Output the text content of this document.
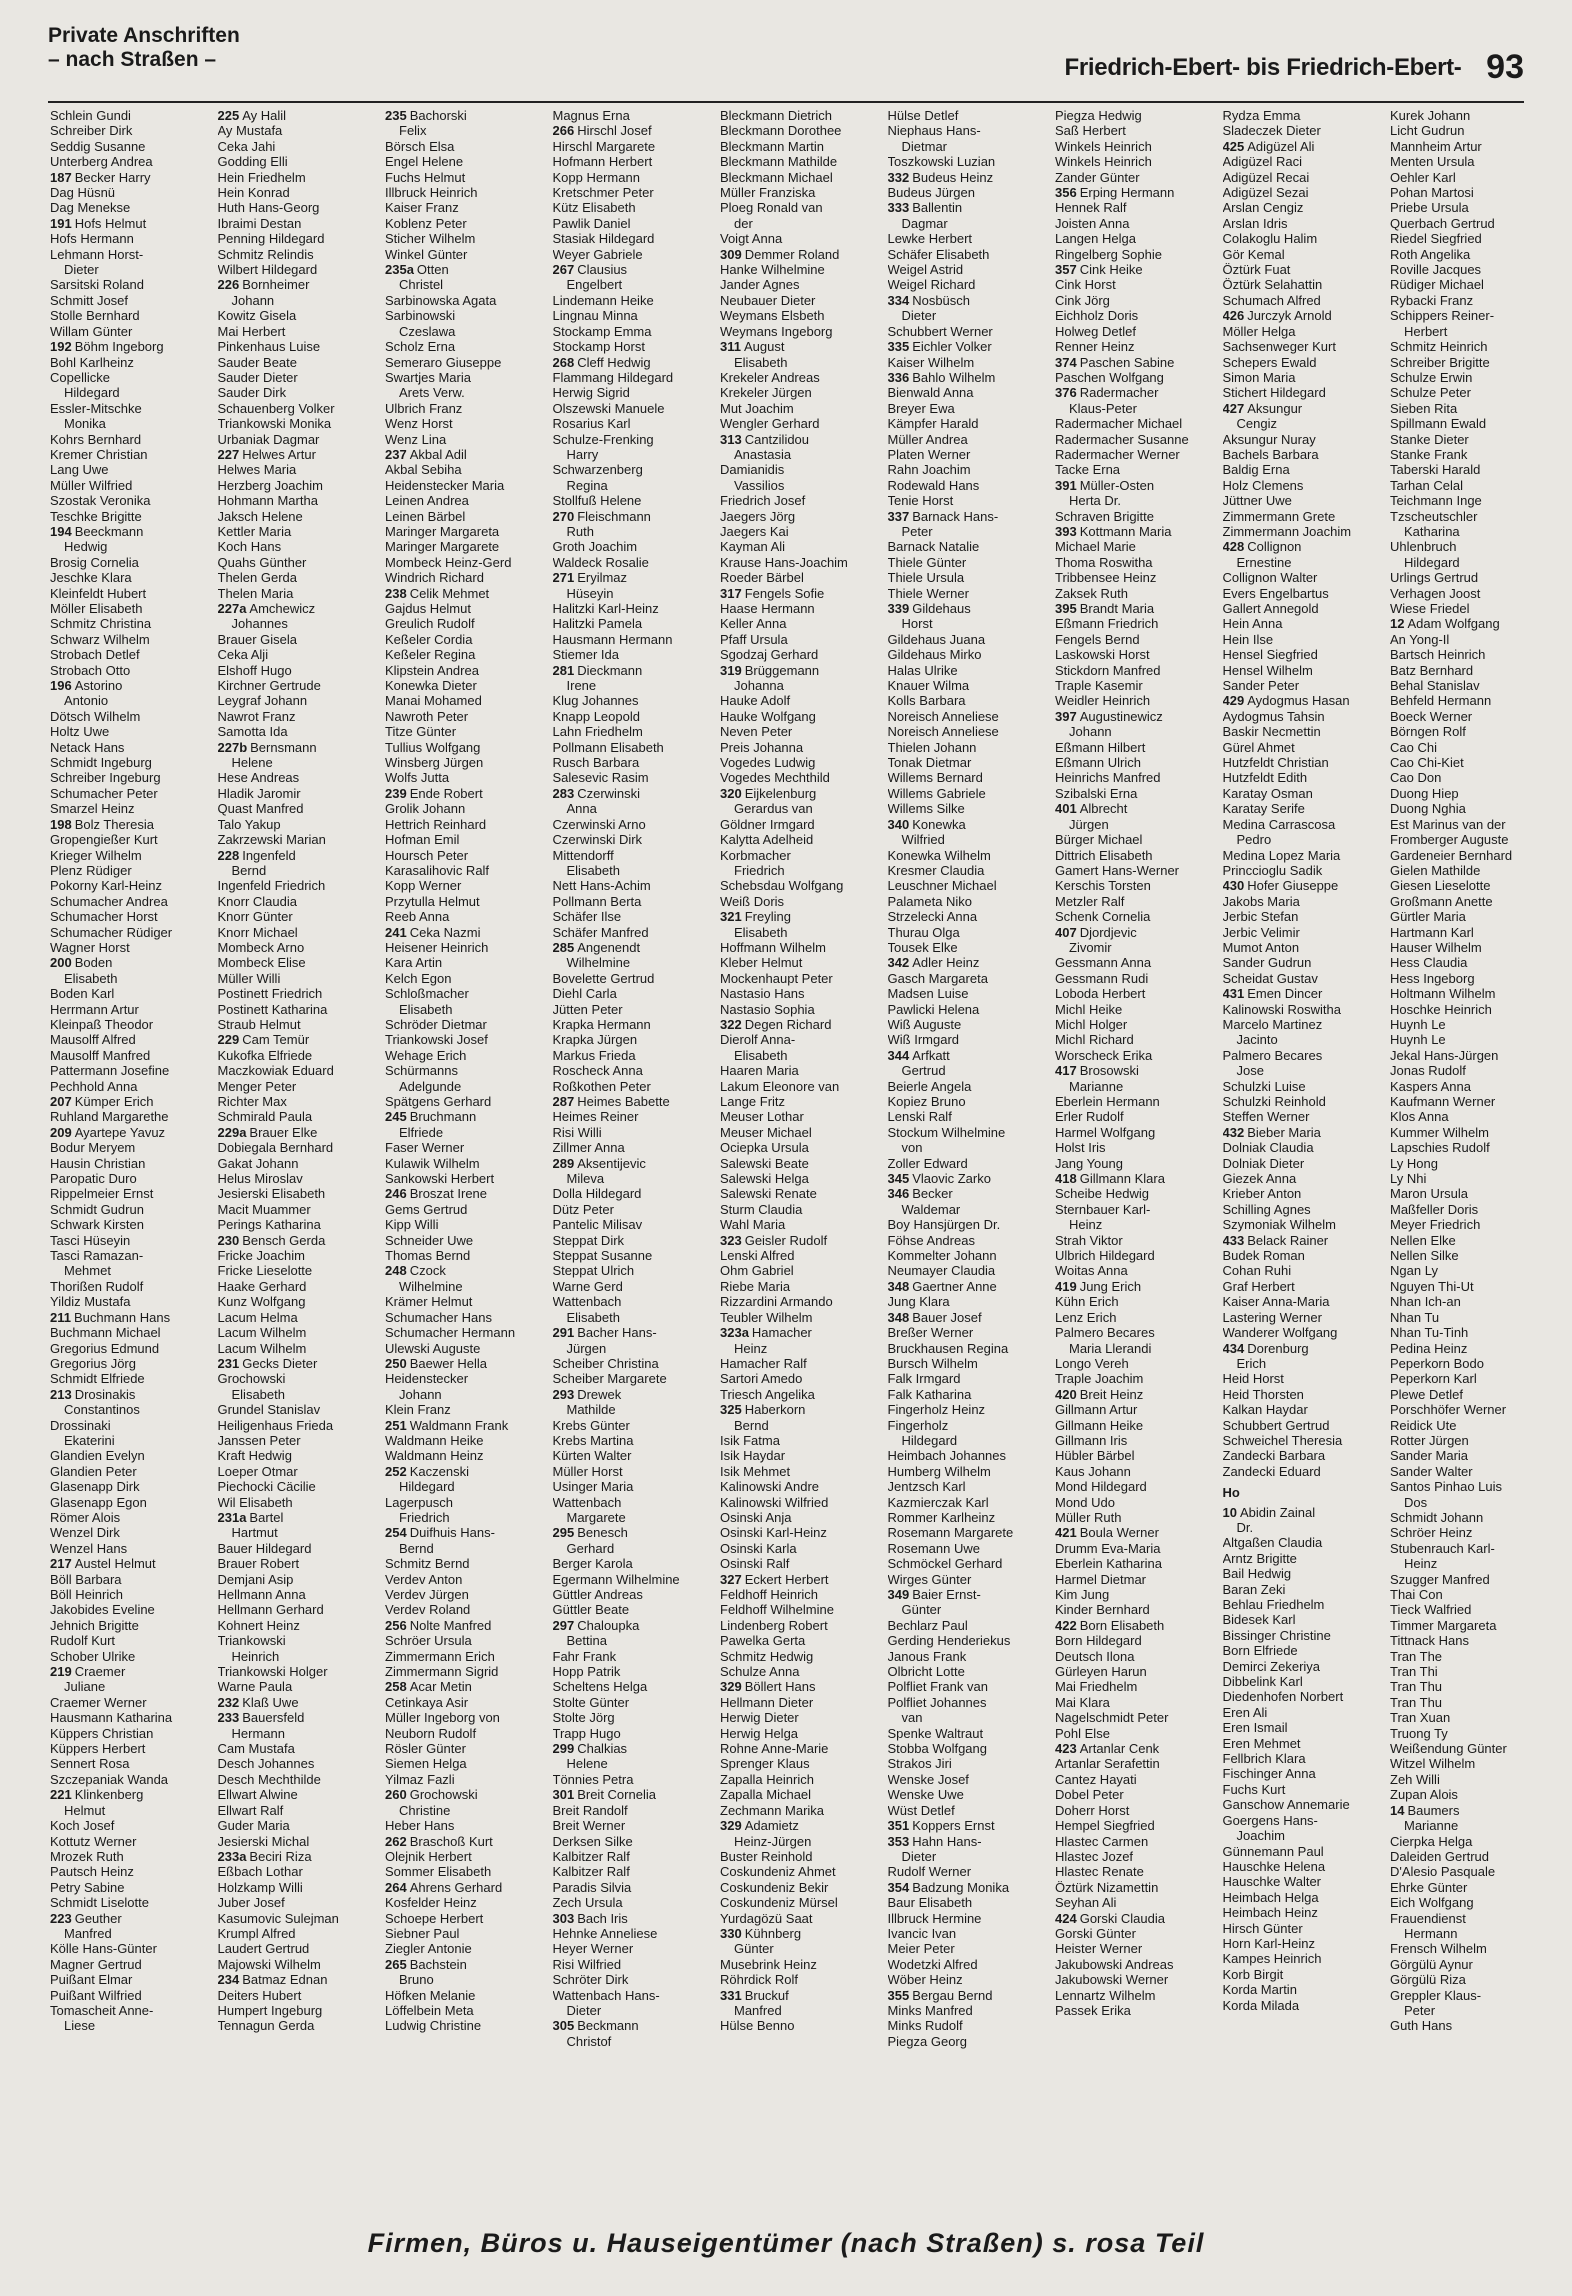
Private Anschriften
– nach Straßen –	Friedrich-Ebert- bis Friedrich-Ebert- 93
Schlein Gundi
Schreiber Dirk
Seddig Susanne
Unterberg Andrea
187 Becker Harry
Dag Hüsnü
Dag Menekse
191 Hofs Helmut
Hofs Hermann
Lehmann Horst-
Dieter
Sarsitski Roland
Schmitt Josef
Stolle Bernhard
Willam Günter
192 Böhm Ingeborg
Bohl Karlheinz
Copellicke
Hildegard
Essler-Mitschke
Monika
Kohrs Bernhard
Kremer Christian
Lang Uwe
Müller Wilfried
Szostak Veronika
Teschke Brigitte
194 Beeckmann
Hedwig
Brosig Cornelia
Jeschke Klara
Kleinfeldt Hubert
Möller Elisabeth
Schmitz Christina
Schwarz Wilhelm
Strobach Detlef
Strobach Otto
196 Astorino
Antonio
Dötsch Wilhelm
Holtz Uwe
Netack Hans
Schmidt Ingeburg
Schreiber Ingeburg
Schumacher Peter
Smarzel Heinz
198 Bolz Theresia
Gropengießer Kurt
Krieger Wilhelm
Plenz Rüdiger
Pokorny Karl-Heinz
Schumacher Andrea
Schumacher Horst
Schumacher Rüdiger
Wagner Horst
200 Boden
Elisabeth
Boden Karl
Herrmann Artur
Kleinpaß Theodor
Mausolff Alfred
Mausolff Manfred
Pattermann Josefine
Pechhold Anna
207 Kümper Erich
Ruhland Margarethe
209 Ayartepe Yavuz
Bodur Meryem
Hausin Christian
Paropatic Duro
Rippelmeier Ernst
Schmidt Gudrun
Schwark Kirsten
Tasci Hüseyin
Tasci Ramazan-
Mehmet
Thorißen Rudolf
Yildiz Mustafa
211 Buchmann Hans
Buchmann Michael
Gregorius Edmund
Gregorius Jörg
Schmidt Elfriede
213 Drosinakis
Constantinos
Drossinaki
Ekaterini
Glandien Evelyn
Glandien Peter
Glasenapp Dirk
Glasenapp Egon
Römer Alois
Wenzel Dirk
Wenzel Hans
217 Austel Helmut
Böll Barbara
Böll Heinrich
Jakobides Eveline
Jehnich Brigitte
Rudolf Kurt
Schober Ulrike
219 Craemer
Juliane
Craemer Werner
Hausmann Katharina
Küppers Christian
Küppers Herbert
Sennert Rosa
Szczepaniak Wanda
221 Klinkenberg
Helmut
Koch Josef
Kottutz Werner
Mrozek Ruth
Pautsch Heinz
Petry Sabine
Schmidt Liselotte
223 Geuther
Manfred
Kölle Hans-Günter
Magner Gertrud
Puißant Elmar
Puißant Wilfried
Tomascheit Anne-
Liese
225 Ay Halil
Ay Mustafa
Ceka Jahi
Godding Elli
Hein Friedhelm
Hein Konrad
Huth Hans-Georg
Ibraimi Destan
Penning Hildegard
Schmitz Relindis
Wilbert Hildegard
226 Bornheimer
Johann
Kowitz Gisela
Mai Herbert
Pinkenhaus Luise
Sauder Beate
Sauder Dieter
Sauder Dirk
Schauenberg Volker
Triankowski Monika
Urbaniak Dagmar
227 Helwes Artur
Helwes Maria
Herzberg Joachim
Hohmann Martha
Jaksch Helene
Kettler Maria
Koch Hans
Quahs Günther
Thelen Gerda
Thelen Maria
227a Amchewicz
Johannes
Brauer Gisela
Ceka Alji
Elshoff Hugo
Kirchner Gertrude
Leygraf Johann
Nawrot Franz
Samotta Ida
227b Bernsmann
Helene
Hese Andreas
Hladik Jaromir
Quast Manfred
Talo Yakup
Zakrzewski Marian
228 Ingenfeld
Bernd
Ingenfeld Friedrich
Knorr Claudia
Knorr Günter
Knorr Michael
Mombeck Arno
Mombeck Elise
Müller Willi
Postinett Friedrich
Postinett Katharina
Straub Helmut
229 Cam Temür
Kukofka Elfriede
Maczkowiak Eduard
Menger Peter
Richter Max
Schmirald Paula
229a Brauer Elke
Dobiegala Bernhard
Gakat Johann
Helus Miroslav
Jesierski Elisabeth
Macit Muammer
Perings Katharina
230 Bensch Gerda
Fricke Joachim
Fricke Lieselotte
Haake Gerhard
Kunz Wolfgang
Lacum Helma
Lacum Wilhelm
Lacum Wilhelm
231 Gecks Dieter
Grochowski
Elisabeth
Grundel Stanislav
Heiligenhaus Frieda
Janssen Peter
Kraft Hedwig
Loeper Otmar
Piechocki Cäcilie
Wil Elisabeth
231a Bartel
Hartmut
Bauer Hildegard
Brauer Robert
Demjani Asip
Hellmann Anna
Hellmann Gerhard
Kohnert Heinz
Triankowski
Heinrich
Triankowski Holger
Warne Paula
232 Klaß Uwe
233 Bauersfeld
Hermann
Cam Mustafa
Desch Johannes
Desch Mechthilde
Ellwart Alwine
Ellwart Ralf
Guder Maria
Jesierski Michal
233a Beciri Riza
Eßbach Lothar
Holzkamp Willi
Juber Josef
Kasumovic Sulejman
Krumpl Alfred
Laudert Gertrud
Majowski Wilhelm
234 Batmaz Ednan
Deiters Hubert
Humpert Ingeburg
Tennagun Gerda
235 Bachorski
Felix
Börsch Elsa
Engel Helene
Fuchs Helmut
Illbruck Heinrich
Kaiser Franz
Koblenz Peter
Sticher Wilhelm
Winkel Günter
235a Otten
Christel
Sarbinowska Agata
Sarbinowski
Czeslawa
Scholz Erna
Semeraro Giuseppe
Swartjes Maria
Arets Verw.
Ulbrich Franz
Wenz Horst
Wenz Lina
237 Akbal Adil
Akbal Sebiha
Heidenstecker Maria
Leinen Andrea
Leinen Bärbel
Maringer Margareta
Maringer Margarete
Mombeck Heinz-Gerd
Windrich Richard
238 Celik Mehmet
Gajdus Helmut
Greulich Rudolf
Keßeler Cordia
Keßeler Regina
Klipstein Andrea
Konewka Dieter
Manai Mohamed
Nawroth Peter
Titze Günter
Tullius Wolfgang
Winsberg Jürgen
Wolfs Jutta
239 Ende Robert
Grolik Johann
Hettrich Reinhard
Hofman Emil
Hoursch Peter
Karasalihovic Ralf
Kopp Werner
Przytulla Helmut
Reeb Anna
241 Ceka Nazmi
Heisener Heinrich
Kara Artin
Kelch Egon
Schloßmacher
Elisabeth
Schröder Dietmar
Triankowski Josef
Wehage Erich
Schürmanns
Adelgunde
Spätgens Gerhard
245 Bruchmann
Elfriede
Faser Werner
Kulawik Wilhelm
Sankowski Herbert
246 Broszat Irene
Gems Gertrud
Kipp Willi
Schneider Uwe
Thomas Bernd
248 Czock
Wilhelmine
Krämer Helmut
Schumacher Hans
Schumacher Hermann
Ulewski Auguste
250 Baewer Hella
Heidenstecker
Johann
Klein Franz
251 Waldmann Frank
Waldmann Heike
Waldmann Heinz
252 Kaczenski
Hildegard
Lagerpusch
Friedrich
254 Duifhuis Hans-
Bernd
Schmitz Bernd
Verdev Anton
Verdev Jürgen
Verdev Roland
256 Nolte Manfred
Schröer Ursula
Zimmermann Erich
Zimmermann Sigrid
258 Acar Metin
Cetinkaya Asir
Müller Ingeborg von
Neuborn Rudolf
Rösler Günter
Siemen Helga
Yilmaz Fazli
260 Grochowski
Christine
Heber Hans
262 Braschoß Kurt
Olejnik Herbert
Sommer Elisabeth
264 Ahrens Gerhard
Kosfelder Heinz
Schoepe Herbert
Siebner Paul
Ziegler Antonie
265 Bachstein
Bruno
Höfken Melanie
Löffelbein Meta
Ludwig Christine
Magnus Erna
266 Hirschl Josef
Hirschl Margarete
Hofmann Herbert
Kopp Hermann
Kretschmer Peter
Kütz Elisabeth
Pawlik Daniel
Stasiak Hildegard
Weyer Gabriele
267 Clausius
Engelbert
Lindemann Heike
Lingnau Minna
Stockamp Emma
Stockamp Horst
268 Cleff Hedwig
Flammang Hildegard
Herwig Sigrid
Olszewski Manuele
Rosarius Karl
Schulze-Frenking
Harry
Schwarzenberg
Regina
Stollfuß Helene
270 Fleischmann
Ruth
Groth Joachim
Waldeck Rosalie
271 Eryilmaz
Hüseyin
Halitzki Karl-Heinz
Halitzki Pamela
Hausmann Hermann
Stiemer Ida
281 Dieckmann
Irene
Klug Johannes
Knapp Leopold
Lahn Friedhelm
Pollmann Elisabeth
Rusch Barbara
Salesevic Rasim
283 Czerwinski
Anna
Czerwinski Arno
Czerwinski Dirk
Mittendorff
Elisabeth
Nett Hans-Achim
Pollmann Berta
Schäfer Ilse
Schäfer Manfred
285 Angenendt
Wilhelmine
Bovelette Gertrud
Diehl Carla
Jütten Peter
Krapka Hermann
Krapka Jürgen
Markus Frieda
Roscheck Anna
Roßkothen Peter
287 Heimes Babette
Heimes Reiner
Risi Willi
Zillmer Anna
289 Aksentijevic
Mileva
Dolla Hildegard
Dütz Peter
Pantelic Milisav
Steppat Dirk
Steppat Susanne
Steppat Ulrich
Warne Gerd
Wattenbach
Elisabeth
291 Bacher Hans-
Jürgen
Scheiber Christina
Scheiber Margarete
293 Drewek
Mathilde
Krebs Günter
Krebs Martina
Kürten Walter
Müller Horst
Usinger Maria
Wattenbach
Margarete
295 Benesch
Gerhard
Berger Karola
Egermann Wilhelmine
Güttler Andreas
Güttler Beate
297 Chaloupka
Bettina
Fahr Frank
Hopp Patrik
Scheltens Helga
Stolte Günter
Stolte Jörg
Trapp Hugo
299 Chalkias
Helene
Tönnies Petra
301 Breit Cornelia
Breit Randolf
Breit Werner
Derksen Silke
Kalbitzer Ralf
Kalbitzer Ralf
Paradis Silvia
Zech Ursula
303 Bach Iris
Hehnke Anneliese
Heyer Werner
Risi Wilfried
Schröter Dirk
Wattenbach Hans-
Dieter
305 Beckmann
Christof
Bleckmann Dietrich
Bleckmann Dorothee
Bleckmann Martin
Bleckmann Mathilde
Bleckmann Michael
Müller Franziska
Ploeg Ronald van
der
Voigt Anna
309 Demmer Roland
Hanke Wilhelmine
Jander Agnes
Neubauer Dieter
Weymans Elsbeth
Weymans Ingeborg
311 August
Elisabeth
Krekeler Andreas
Krekeler Jürgen
Mut Joachim
Wengler Gerhard
313 Cantzilidou
Anastasia
Damianidis
Vassilios
Friedrich Josef
Jaegers Jörg
Jaegers Kai
Kayman Ali
Krause Hans-Joachim
Roeder Bärbel
317 Fengels Sofie
Haase Hermann
Keller Anna
Pfaff Ursula
Sgodzaj Gerhard
319 Brüggemann
Johanna
Hauke Adolf
Hauke Wolfgang
Neven Peter
Preis Johanna
Vogedes Ludwig
Vogedes Mechthild
320 Eijkelenburg
Gerardus van
Göldner Irmgard
Kalytta Adelheid
Korbmacher
Friedrich
Schebsdau Wolfgang
Weiß Doris
321 Freyling
Elisabeth
Hoffmann Wilhelm
Kleber Helmut
Mockenhaupt Peter
Nastasio Hans
Nastasio Sophia
322 Degen Richard
Dierolf Anna-
Elisabeth
Haaren Maria
Lakum Eleonore van
Lange Fritz
Meuser Lothar
Meuser Michael
Ociepka Ursula
Salewski Beate
Salewski Helga
Salewski Renate
Sturm Claudia
Wahl Maria
323 Geisler Rudolf
Lenski Alfred
Ohm Gabriel
Riebe Maria
Rizzardini Armando
Teubler Wilhelm
323a Hamacher
Heinz
Hamacher Ralf
Sartori Amedo
Triesch Angelika
325 Haberkorn
Bernd
Isik Fatma
Isik Haydar
Isik Mehmet
Kalinowski Andre
Kalinowski Wilfried
Osinski Anja
Osinski Karl-Heinz
Osinski Karla
Osinski Ralf
327 Eckert Herbert
Feldhoff Heinrich
Feldhoff Wilhelmine
Lindenberg Robert
Pawelka Gerta
Schmitz Hedwig
Schulze Anna
329 Böllert Hans
Hellmann Dieter
Herwig Dieter
Herwig Helga
Rohne Anne-Marie
Sprenger Klaus
Zapalla Heinrich
Zapalla Michael
Zechmann Marika
329 Adamietz
Heinz-Jürgen
Buster Reinhold
Coskundeniz Ahmet
Coskundeniz Bekir
Coskundeniz Mürsel
Yurdagözü Saat
330 Kühnberg
Günter
Musebrink Heinz
Röhrdick Rolf
331 Bruckuf
Manfred
Hülse Benno
Hülse Detlef
Niephaus Hans-
Dietmar
Toszkowski Luzian
332 Budeus Heinz
Budeus Jürgen
333 Ballentin
Dagmar
Lewke Herbert
Schäfer Elisabeth
Weigel Astrid
Weigel Richard
334 Nosbüsch
Dieter
Schubbert Werner
335 Eichler Volker
Kaiser Wilhelm
336 Bahlo Wilhelm
Bienwald Anna
Breyer Ewa
Kämpfer Harald
Müller Andrea
Platen Werner
Rahn Joachim
Rodewald Hans
Tenie Horst
337 Barnack Hans-
Peter
Barnack Natalie
Thiele Günter
Thiele Ursula
Thiele Werner
339 Gildehaus
Horst
Gildehaus Juana
Gildehaus Mirko
Halas Ulrike
Knauer Wilma
Kolls Barbara
Noreisch Anneliese
Noreisch Anneliese
Thielen Johann
Tonak Dietmar
Willems Bernard
Willems Gabriele
Willems Silke
340 Konewka
Wilfried
Konewka Wilhelm
Kresmer Claudia
Leuschner Michael
Palameta Niko
Strzelecki Anna
Thurau Olga
Tousek Elke
342 Adler Heinz
Gasch Margareta
Madsen Luise
Pawlicki Helena
Wiß Auguste
Wiß Irmgard
344 Arfkatt
Gertrud
Beierle Angela
Kopiez Bruno
Lenski Ralf
Stockum Wilhelmine
von
Zoller Edward
345 Vlaovic Zarko
346 Becker
Waldemar
Boy Hansjürgen Dr.
Föhse Andreas
Kommelter Johann
Neumayer Claudia
348 Gaertner Anne
Jung Klara
348 Bauer Josef
Breßer Werner
Bruckhausen Regina
Bursch Wilhelm
Falk Irmgard
Falk Katharina
Fingerholz Heinz
Fingerholz
Hildegard
Heimbach Johannes
Humberg Wilhelm
Jentzsch Karl
Kazmierczak Karl
Rommer Karlheinz
Rosemann Margarete
Rosemann Uwe
Schmöckel Gerhard
Wirges Günter
349 Baier Ernst-
Günter
Bechlarz Paul
Gerding Henderiekus
Janous Frank
Olbricht Lotte
Polfliet Frank van
Polfliet Johannes
van
Spenke Waltraut
Stobba Wolfgang
Strakos Jiri
Wenske Josef
Wenske Uwe
Wüst Detlef
351 Koppers Ernst
353 Hahn Hans-
Dieter
Rudolf Werner
354 Badzung Monika
Baur Elisabeth
Illbruck Hermine
Ivancic Ivan
Meier Peter
Wodetzki Alfred
Wöber Heinz
355 Bergau Bernd
Minks Manfred
Minks Rudolf
Piegza Georg
Piegza Hedwig
Saß Herbert
Winkels Heinrich
Winkels Heinrich
Zander Günter
356 Erping Hermann
Hennek Ralf
Joisten Anna
Langen Helga
Ringelberg Sophie
357 Cink Heike
Cink Horst
Cink Jörg
Eichholz Doris
Holweg Detlef
Renner Heinz
374 Paschen Sabine
Paschen Wolfgang
376 Radermacher
Klaus-Peter
Radermacher Michael
Radermacher Susanne
Radermacher Werner
Tacke Erna
391 Müller-Osten
Herta Dr.
Schraven Brigitte
393 Kottmann Maria
Michael Marie
Thoma Roswitha
Tribbensee Heinz
Zaksek Ruth
395 Brandt Maria
Eßmann Friedrich
Fengels Bernd
Laskowski Horst
Stickdorn Manfred
Traple Kasemir
Weidler Heinrich
397 Augustinewicz
Johann
Eßmann Hilbert
Eßmann Ulrich
Heinrichs Manfred
Szibalski Erna
401 Albrecht
Jürgen
Bürger Michael
Dittrich Elisabeth
Gamert Hans-Werner
Kerschis Torsten
Metzler Ralf
Schenk Cornelia
407 Djordjevic
Zivomir
Gessmann Anna
Gessmann Rudi
Loboda Herbert
Michl Heike
Michl Holger
Michl Richard
Worscheck Erika
417 Brosowski
Marianne
Eberlein Hermann
Erler Rudolf
Harmel Wolfgang
Holst Iris
Jang Young
418 Gillmann Klara
Scheibe Hedwig
Sternbauer Karl-
Heinz
Strah Viktor
Ulbrich Hildegard
Woitas Anna
419 Jung Erich
Kühn Erich
Lenz Erich
Palmero Becares
Maria Llerandi
Longo Vereh
Traple Joachim
420 Breit Heinz
Gillmann Artur
Gillmann Heike
Gillmann Iris
Hübler Bärbel
Kaus Johann
Mond Hildegard
Mond Udo
Müller Ruth
421 Boula Werner
Drumm Eva-Maria
Eberlein Katharina
Harmel Dietmar
Kim Jung
Kinder Bernhard
422 Born Elisabeth
Born Hildegard
Deutsch Ilona
Gürleyen Harun
Mai Friedhelm
Mai Klara
Nagelschmidt Peter
Pohl Else
423 Artanlar Cenk
Artanlar Serafettin
Cantez Hayati
Dobel Peter
Doherr Horst
Hempel Siegfried
Hlastec Carmen
Hlastec Jozef
Hlastec Renate
Öztürk Nizamettin
Seyhan Ali
424 Gorski Claudia
Gorski Günter
Heister Werner
Jakubowski Andreas
Jakubowski Werner
Lennartz Wilhelm
Passek Erika
Rydza Emma
Sladeczek Dieter
425 Adigüzel Ali
Adigüzel Raci
Adigüzel Recai
Adigüzel Sezai
Arslan Cengiz
Arslan Idris
Colakoglu Halim
Gör Kemal
Öztürk Fuat
Öztürk Selahattin
Schumach Alfred
426 Jurczyk Arnold
Möller Helga
Sachsenweger Kurt
Schepers Ewald
Simon Maria
Stichert Hildegard
427 Aksungur
Cengiz
Aksungur Nuray
Bachels Barbara
Baldig Erna
Holz Clemens
Jüttner Uwe
Zimmermann Grete
Zimmermann Joachim
428 Collignon
Ernestine
Collignon Walter
Evers Engelbartus
Gallert Annegold
Hein Anna
Hein Ilse
Hensel Siegfried
Hensel Wilhelm
Sander Peter
429 Aydogmus Hasan
Aydogmus Tahsin
Baskir Necmettin
Gürel Ahmet
Hutzfeldt Christian
Hutzfeldt Edith
Karatay Osman
Karatay Serife
Medina Carrascosa
Pedro
Medina Lopez Maria
Princcioglu Sadik
430 Hofer Giuseppe
Jakobs Maria
Jerbic Stefan
Jerbic Velimir
Mumot Anton
Sander Gudrun
Scheidat Gustav
431 Emen Dincer
Kalinowski Roswitha
Marcelo Martinez
Jacinto
Palmero Becares
Jose
Schulzki Luise
Schulzki Reinhold
Steffen Werner
432 Bieber Maria
Dolniak Claudia
Dolniak Dieter
Giezek Anna
Krieber Anton
Schilling Agnes
Szymoniak Wilhelm
433 Belack Rainer
Budek Roman
Cohan Ruhi
Graf Herbert
Kaiser Anna-Maria
Lastering Werner
Wanderer Wolfgang
434 Dorenburg
Erich
Heid Horst
Heid Thorsten
Kalkan Haydar
Schubbert Gertrud
Schweichel Theresia
Zandecki Barbara
Zandecki Eduard
Ho
10 Abidin Zainal
Dr.
Altgaßen Claudia
Arntz Brigitte
Bail Hedwig
Baran Zeki
Behlau Friedhelm
Bidesek Karl
Bissinger Christine
Born Elfriede
Demirci Zekeriya
Dibbelink Karl
Diedenhofen Norbert
Eren Ali
Eren Ismail
Eren Mehmet
Fellbrich Klara
Fischinger Anna
Fuchs Kurt
Ganschow Annemarie
Goergens Hans-
Joachim
Günnemann Paul
Hauschke Helena
Hauschke Walter
Heimbach Helga
Heimbach Heinz
Hirsch Günter
Horn Karl-Heinz
Kampes Heinrich
Korb Birgit
Korda Martin
Korda Milada
Kurek Johann
Licht Gudrun
Mannheim Artur
Menten Ursula
Oehler Karl
Pohan Martosi
Priebe Ursula
Querbach Gertrud
Riedel Siegfried
Roth Angelika
Roville Jacques
Rüdiger Michael
Rybacki Franz
Schippers Reiner-
Herbert
Schmitz Heinrich
Schreiber Brigitte
Schulze Erwin
Schulze Peter
Sieben Rita
Spillmann Ewald
Stanke Dieter
Stanke Frank
Taberski Harald
Tarhan Celal
Teichmann Inge
Tzscheutschler
Katharina
Uhlenbruch
Hildegard
Urlings Gertrud
Verhagen Joost
Wiese Friedel
12 Adam Wolfgang
An Yong-Il
Bartsch Heinrich
Batz Bernhard
Behal Stanislav
Behfeld Hermann
Boeck Werner
Börngen Rolf
Cao Chi
Cao Chi-Kiet
Cao Don
Duong Hiep
Duong Nghia
Est Marinus van der
Fromberger Auguste
Gardeneier Bernhard
Gielen Mathilde
Giesen Lieselotte
Großmann Anette
Gürtler Maria
Hartmann Karl
Hauser Wilhelm
Hess Claudia
Hess Ingeborg
Holtmann Wilhelm
Hoschke Heinrich
Huynh Le
Huynh Le
Jekal Hans-Jürgen
Jonas Rudolf
Kaspers Anna
Kaufmann Werner
Klos Anna
Kummer Wilhelm
Lapschies Rudolf
Ly Hong
Ly Nhi
Maron Ursula
Maßfeller Doris
Meyer Friedrich
Nellen Elke
Nellen Silke
Ngan Ly
Nguyen Thi-Ut
Nhan Ich-an
Nhan Tu
Nhan Tu-Tinh
Pedina Heinz
Peperkorn Bodo
Peperkorn Karl
Plewe Detlef
Porschhöfer Werner
Reidick Ute
Rotter Jürgen
Sander Maria
Sander Walter
Santos Pinhao Luis
Dos
Schmidt Johann
Schröer Heinz
Stubenrauch Karl-
Heinz
Szugger Manfred
Thai Con
Tieck Walfried
Timmer Margareta
Tittnack Hans
Tran The
Tran Thi
Tran Thu
Tran Thu
Tran Xuan
Truong Ty
Weißendung Günter
Witzel Wilhelm
Zeh Willi
Zupan Alois
14 Baumers
Marianne
Cierpka Helga
Daleiden Gertrud
D'Alesio Pasquale
Ehrke Günter
Eich Wolfgang
Frauendienst
Hermann
Frensch Wilhelm
Görgülü Aynur
Görgülü Riza
Greppler Klaus-
Peter
Guth Hans
Firmen, Büros u. Hauseigentümer (nach Straßen) s. rosa Teil
